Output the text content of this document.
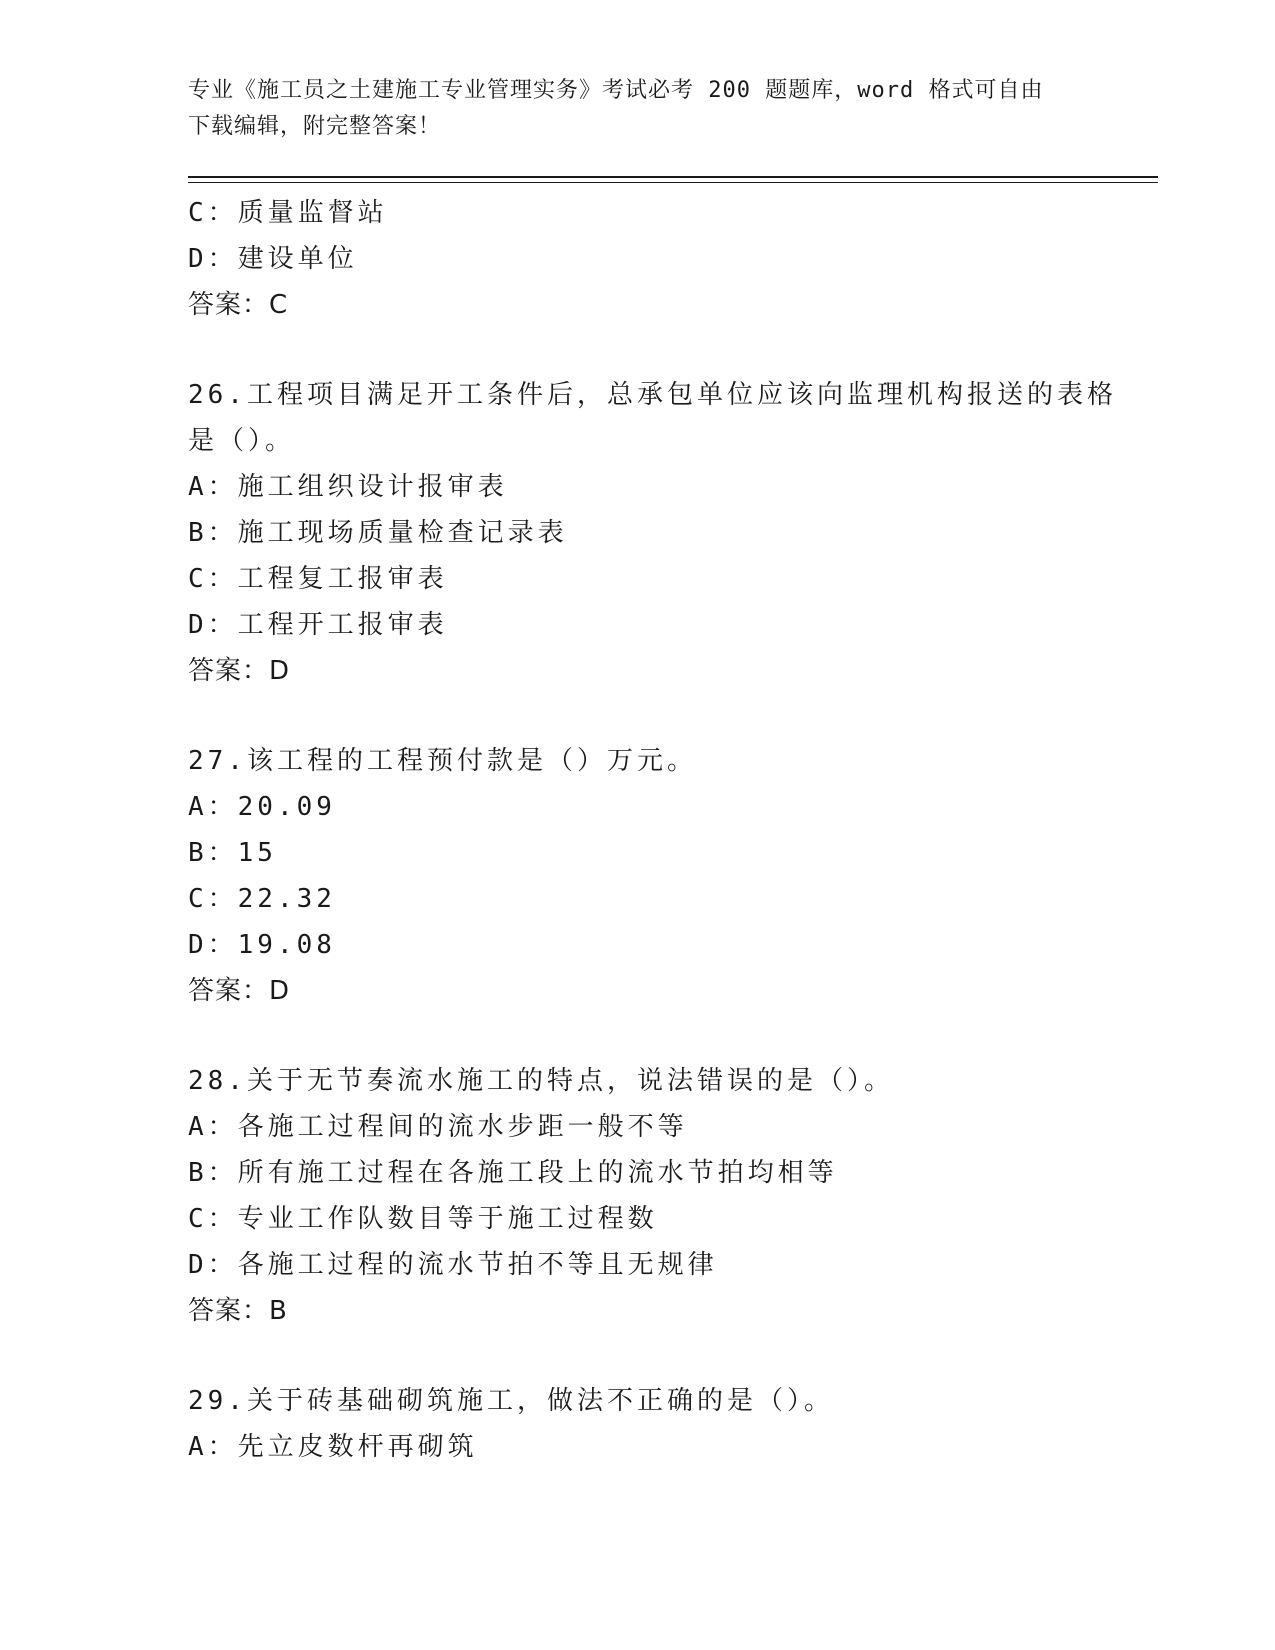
专业《施工员之土建施工专业管理实务》考试必考 200 题题库，word 格式可自由
下载编辑，附完整答案！
C：质量监督站
D：建设单位
答案：C
26.工程项目满足开工条件后，总承包单位应该向监理机构报送的表格
是（）。
A：施工组织设计报审表
B：施工现场质量检查记录表
C：工程复工报审表
D：工程开工报审表
答案：D
27.该工程的工程预付款是（）万元。
A：20.09
B：15
C：22.32
D：19.08
答案：D
28.关于无节奏流水施工的特点，说法错误的是（）。
A：各施工过程间的流水步距一般不等
B：所有施工过程在各施工段上的流水节拍均相等
C：专业工作队数目等于施工过程数
D：各施工过程的流水节拍不等且无规律
答案：B
29.关于砖基础砌筑施工，做法不正确的是（）。
A：先立皮数杆再砌筑
